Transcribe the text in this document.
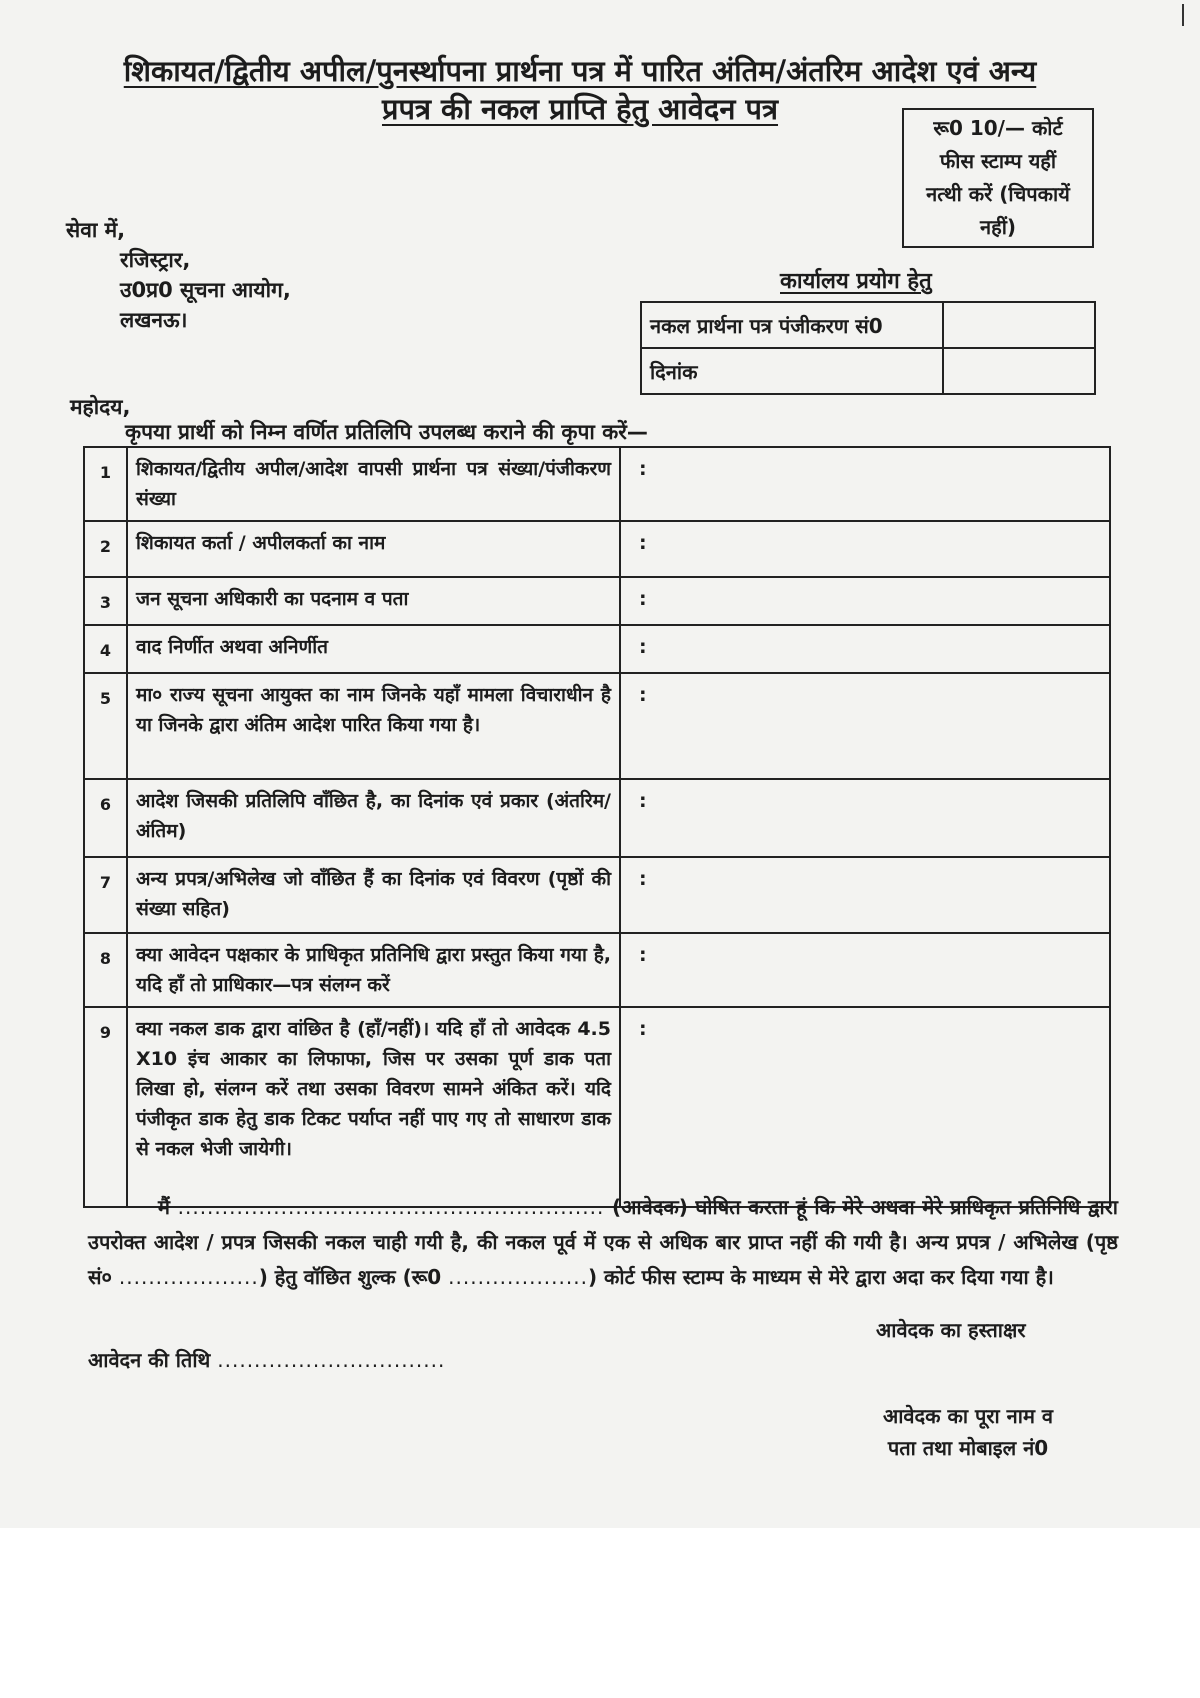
शिकायत/द्वितीय अपील/पुनर्स्थापना प्रार्थना पत्र में पारित अंतिम/अंतरिम आदेश एवं अन्य
प्रपत्र की नकल प्राप्ति हेतु आवेदन पत्र
रू0 10/— कोर्ट
फीस स्टाम्प यहीं
नत्थी करें (चिपकायें
नहीं)
सेवा में,
रजिस्ट्रार,
उ0प्र0 सूचना आयोग,
लखनऊ।
कार्यालय प्रयोग हेतु
नकल प्रार्थना पत्र पंजीकरण सं0	
दिनांक	
महोदय,
कृपया प्रार्थी को निम्न वर्णित प्रतिलिपि उपलब्ध कराने की कृपा करें—
1	शिकायत/द्वितीय अपील/आदेश वापसी प्रार्थना पत्र संख्या/पंजीकरण संख्या	:
2	शिकायत कर्ता / अपीलकर्ता का नाम	:
3	जन सूचना अधिकारी का पदनाम व पता	:
4	वाद निर्णीत अथवा अनिर्णीत	:
5	मा० राज्य सूचना आयुक्त का नाम जिनके यहाँ मामला विचाराधीन है या जिनके द्वारा अंतिम आदेश पारित किया गया है।	:
6	आदेश जिसकी प्रतिलिपि वाँछित है, का दिनांक एवं प्रकार (अंतरिम/अंतिम)	:
7	अन्य प्रपत्र/अभिलेख जो वाँछित हैं का दिनांक एवं विवरण (पृष्ठों की संख्या सहित)	:
8	क्या आवेदन पक्षकार के प्राधिकृत प्रतिनिधि द्वारा प्रस्तुत किया गया है, यदि हाँ तो प्राधिकार—पत्र संलग्न करें	:
9	क्या नकल डाक द्वारा वांछित है (हाँ/नहीं)। यदि हाँ तो आवेदक 4.5 X10 इंच आकार का लिफाफा, जिस पर उसका पूर्ण डाक पता लिखा हो, संलग्न करें तथा उसका विवरण सामने अंकित करें। यदि पंजीकृत डाक हेतु डाक टिकट पर्याप्त नहीं पाए गए तो साधारण डाक से नकल भेजी जायेगी।	:
मैं .......................................................... (आवेदक) घोषित करता हूं कि मेरे अथवा मेरे प्राधिकृत प्रतिनिधि द्वारा उपरोक्त आदेश / प्रपत्र जिसकी नकल चाही गयी है, की नकल पूर्व में एक से अधिक बार प्राप्त नहीं की गयी है। अन्य प्रपत्र / अभिलेख (पृष्ठ सं० ...................) हेतु वॉछित शुल्क (रू0 ...................) कोर्ट फीस स्टाम्प के माध्यम से मेरे द्वारा अदा कर दिया गया है।
आवेदक का हस्ताक्षर
आवेदन की तिथि ...............................
आवेदक का पूरा नाम व
पता तथा मोबाइल नं0
